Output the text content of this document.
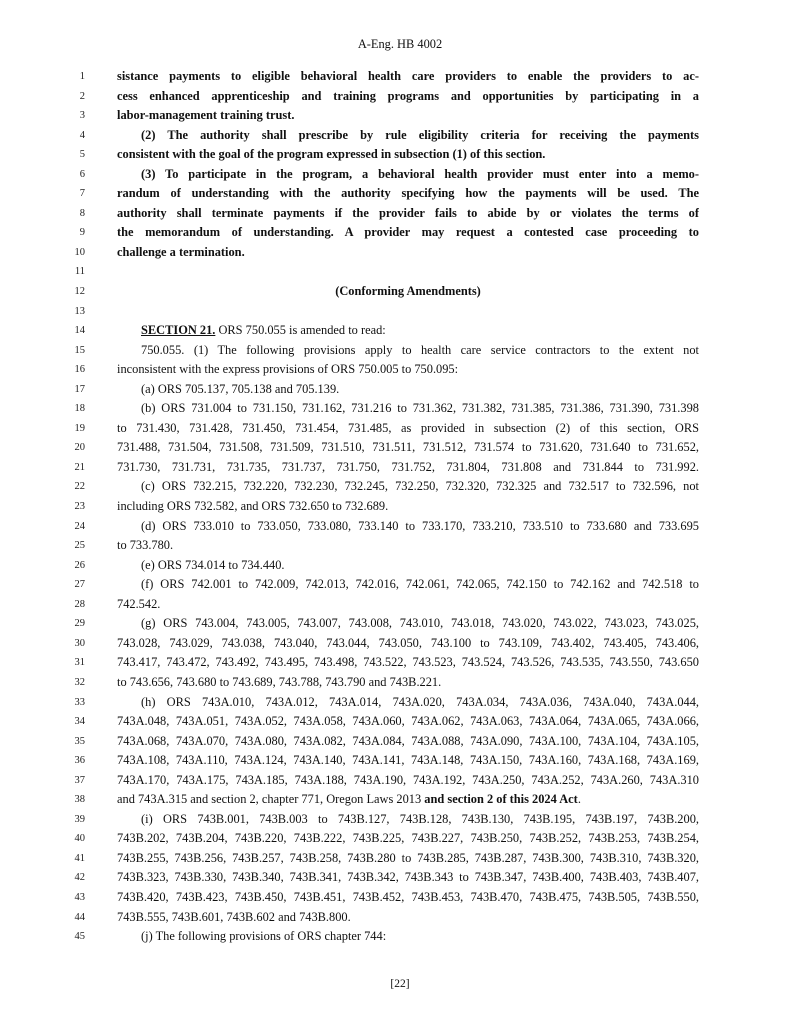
A-Eng. HB 4002
1	sistance payments to eligible behavioral health care providers to enable the providers to ac-
2	cess enhanced apprenticeship and training programs and opportunities by participating in a
3	labor-management training trust.
4	(2) The authority shall prescribe by rule eligibility criteria for receiving the payments
5	consistent with the goal of the program expressed in subsection (1) of this section.
6	(3) To participate in the program, a behavioral health provider must enter into a memo-
7	randum of understanding with the authority specifying how the payments will be used. The
8	authority shall terminate payments if the provider fails to abide by or violates the terms of
9	the memorandum of understanding. A provider may request a contested case proceeding to
10	challenge a termination.
11
12	(Conforming Amendments)
13
14	SECTION 21. ORS 750.055 is amended to read:
15	750.055. (1) The following provisions apply to health care service contractors to the extent not
16	inconsistent with the express provisions of ORS 750.005 to 750.095:
17	(a) ORS 705.137, 705.138 and 705.139.
18	(b) ORS 731.004 to 731.150, 731.162, 731.216 to 731.362, 731.382, 731.385, 731.386, 731.390, 731.398
19	to 731.430, 731.428, 731.450, 731.454, 731.485, as provided in subsection (2) of this section, ORS
20	731.488, 731.504, 731.508, 731.509, 731.510, 731.511, 731.512, 731.574 to 731.620, 731.640 to 731.652,
21	731.730, 731.731, 731.735, 731.737, 731.750, 731.752, 731.804, 731.808 and 731.844 to 731.992.
22	(c) ORS 732.215, 732.220, 732.230, 732.245, 732.250, 732.320, 732.325 and 732.517 to 732.596, not
23	including ORS 732.582, and ORS 732.650 to 732.689.
24	(d) ORS 733.010 to 733.050, 733.080, 733.140 to 733.170, 733.210, 733.510 to 733.680 and 733.695
25	to 733.780.
26	(e) ORS 734.014 to 734.440.
27	(f) ORS 742.001 to 742.009, 742.013, 742.016, 742.061, 742.065, 742.150 to 742.162 and 742.518 to
28	742.542.
29	(g) ORS 743.004, 743.005, 743.007, 743.008, 743.010, 743.018, 743.020, 743.022, 743.023, 743.025,
30	743.028, 743.029, 743.038, 743.040, 743.044, 743.050, 743.100 to 743.109, 743.402, 743.405, 743.406,
31	743.417, 743.472, 743.492, 743.495, 743.498, 743.522, 743.523, 743.524, 743.526, 743.535, 743.550, 743.650
32	to 743.656, 743.680 to 743.689, 743.788, 743.790 and 743B.221.
33	(h) ORS 743A.010, 743A.012, 743A.014, 743A.020, 743A.034, 743A.036, 743A.040, 743A.044,
34	743A.048, 743A.051, 743A.052, 743A.058, 743A.060, 743A.062, 743A.063, 743A.064, 743A.065, 743A.066,
35	743A.068, 743A.070, 743A.080, 743A.082, 743A.084, 743A.088, 743A.090, 743A.100, 743A.104, 743A.105,
36	743A.108, 743A.110, 743A.124, 743A.140, 743A.141, 743A.148, 743A.150, 743A.160, 743A.168, 743A.169,
37	743A.170, 743A.175, 743A.185, 743A.188, 743A.190, 743A.192, 743A.250, 743A.252, 743A.260, 743A.310
38	and 743A.315 and section 2, chapter 771, Oregon Laws 2013 and section 2 of this 2024 Act.
39	(i) ORS 743B.001, 743B.003 to 743B.127, 743B.128, 743B.130, 743B.195, 743B.197, 743B.200,
40	743B.202, 743B.204, 743B.220, 743B.222, 743B.225, 743B.227, 743B.250, 743B.252, 743B.253, 743B.254,
41	743B.255, 743B.256, 743B.257, 743B.258, 743B.280 to 743B.285, 743B.287, 743B.300, 743B.310, 743B.320,
42	743B.323, 743B.330, 743B.340, 743B.341, 743B.342, 743B.343 to 743B.347, 743B.400, 743B.403, 743B.407,
43	743B.420, 743B.423, 743B.450, 743B.451, 743B.452, 743B.453, 743B.470, 743B.475, 743B.505, 743B.550,
44	743B.555, 743B.601, 743B.602 and 743B.800.
45	(j) The following provisions of ORS chapter 744:
[22]
